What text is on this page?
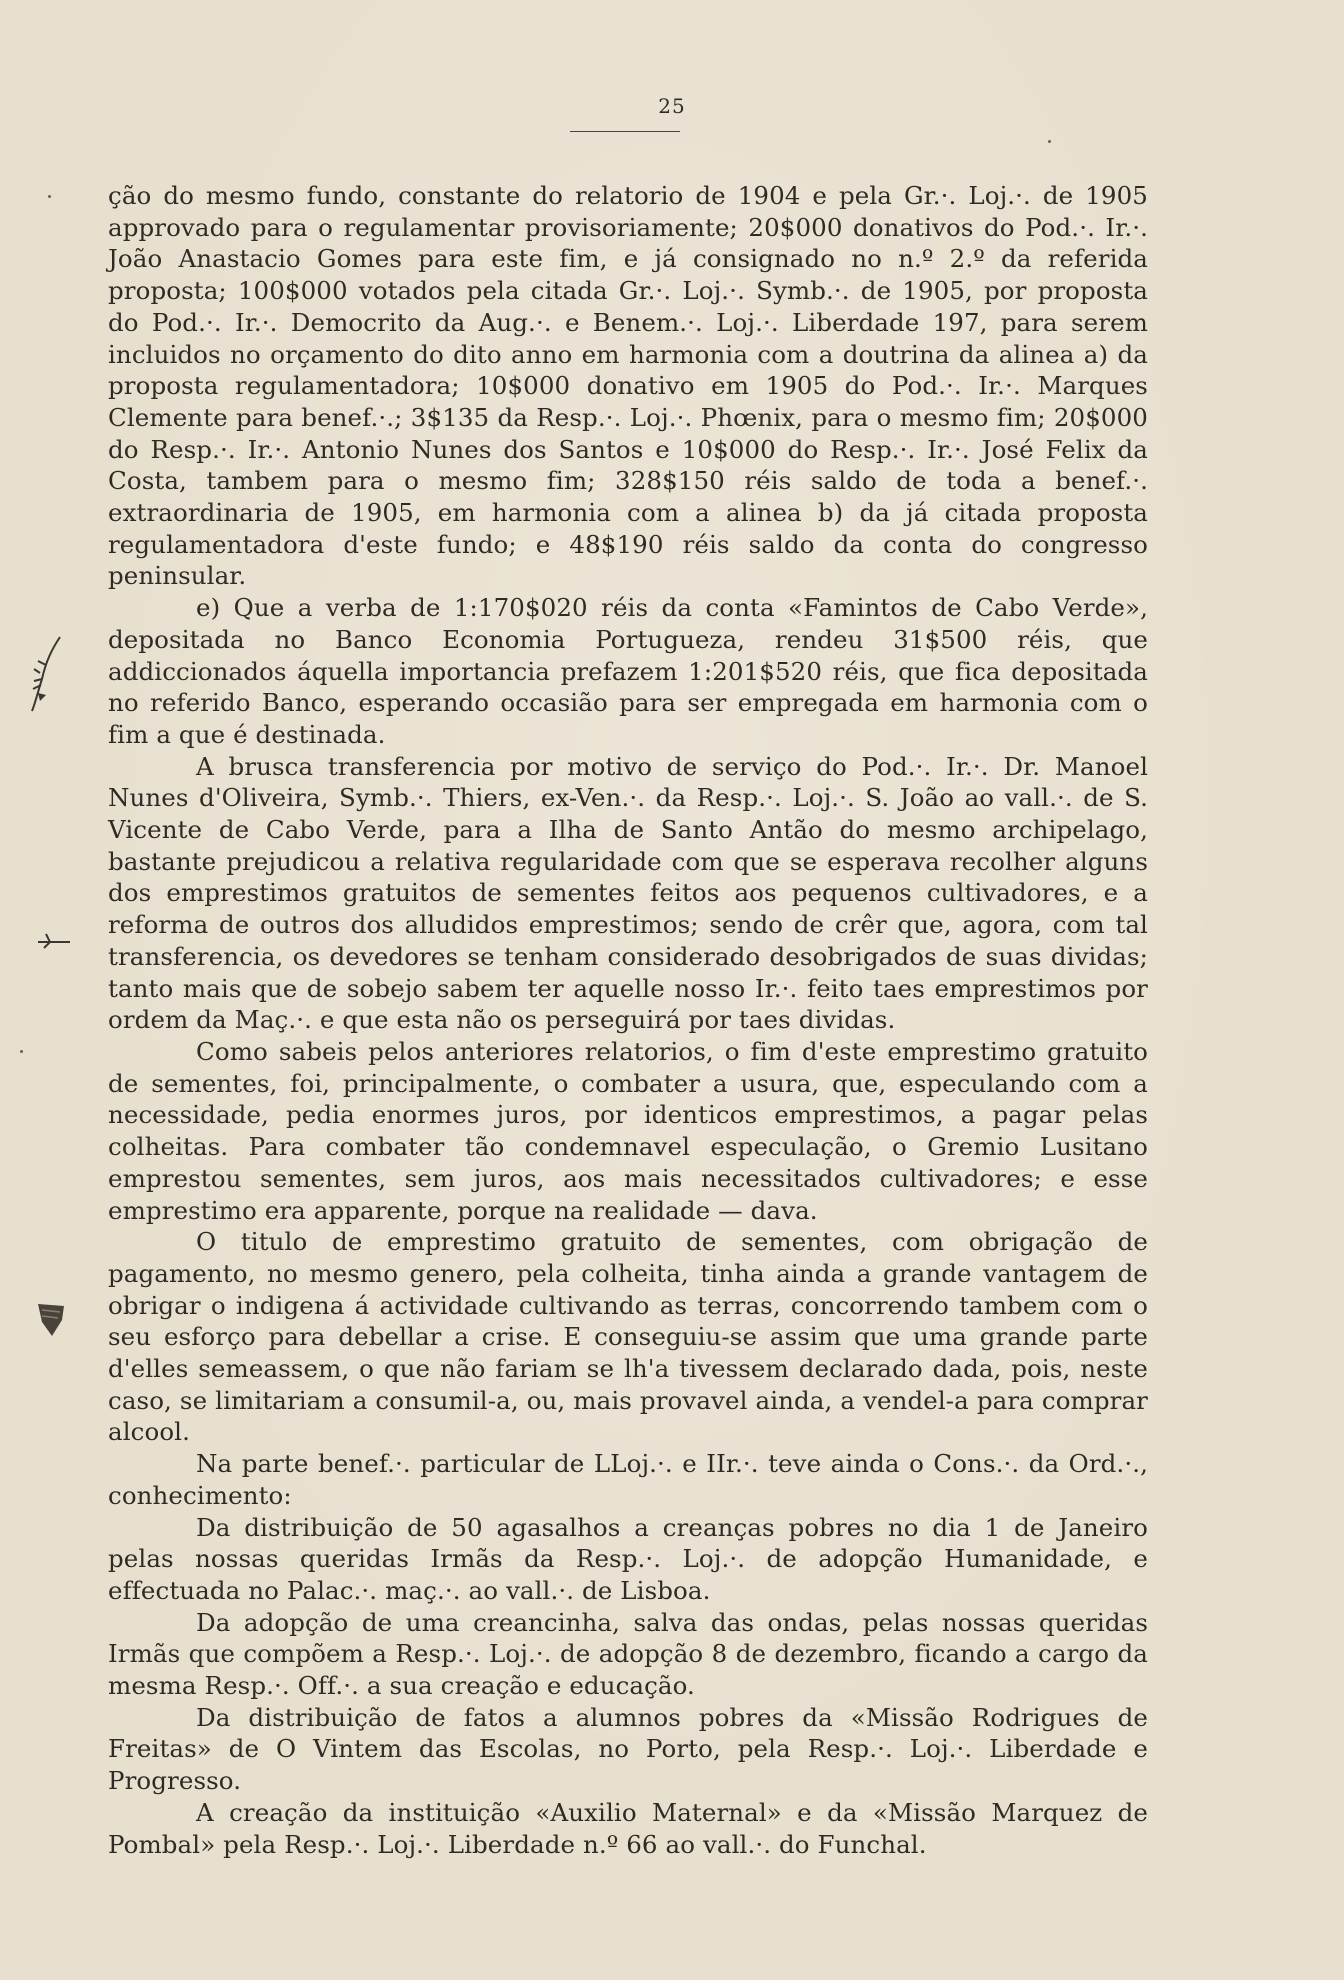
25

ção do mesmo fundo, constante do relatorio de 1904 e pela Gr.·. Loj.·. de 1905 approvado para o regulamentar provisoriamente; 20$000 donativos do Pod.·. Ir.·. João Anastacio Gomes para este fim, e já consignado no n.º 2.º da referida proposta; 100$000 votados pela citada Gr.·. Loj.·. Symb.·. de 1905, por proposta do Pod.·. Ir.·. Democrito da Aug.·. e Benem.·. Loj.·. Liberdade 197, para serem incluidos no orçamento do dito anno em harmonia com a doutrina da alinea a) da proposta regulamentadora; 10$000 donativo em 1905 do Pod.·. Ir.·. Marques Clemente para benef.·.; 3$135 da Resp.·. Loj.·. Phœnix, para o mesmo fim; 20$000 do Resp.·. Ir.·. Antonio Nunes dos Santos e 10$000 do Resp.·. Ir.·. José Felix da Costa, tambem para o mesmo fim; 328$150 réis saldo de toda a benef.·. extraordinaria de 1905, em harmonia com a alinea b) da já citada proposta regulamentadora d'este fundo; e 48$190 réis saldo da conta do congresso peninsular.

e) Que a verba de 1:170$020 réis da conta «Famintos de Cabo Verde», depositada no Banco Economia Portugueza, rendeu 31$500 réis, que addiccionados áquella importancia prefazem 1:201$520 réis, que fica depositada no referido Banco, esperando occasião para ser empregada em harmonia com o fim a que é destinada.

A brusca transferencia por motivo de serviço do Pod.·. Ir.·. Dr. Manoel Nunes d'Oliveira, Symb.·. Thiers, ex-Ven.·. da Resp.·. Loj.·. S. João ao vall.·. de S. Vicente de Cabo Verde, para a Ilha de Santo Antão do mesmo archipelago, bastante prejudicou a relativa regularidade com que se esperava recolher alguns dos emprestimos gratuitos de sementes feitos aos pequenos cultivadores, e a reforma de outros dos alludidos emprestimos; sendo de crêr que, agora, com tal transferencia, os devedores se tenham considerado desobrigados de suas dividas; tanto mais que de sobejo sabem ter aquelle nosso Ir.·. feito taes emprestimos por ordem da Maç.·. e que esta não os perseguirá por taes dividas.

Como sabeis pelos anteriores relatorios, o fim d'este emprestimo gratuito de sementes, foi, principalmente, o combater a usura, que, especulando com a necessidade, pedia enormes juros, por identicos emprestimos, a pagar pelas colheitas. Para combater tão condemnavel especulação, o Gremio Lusitano emprestou sementes, sem juros, aos mais necessitados cultivadores; e esse emprestimo era apparente, porque na realidade — dava.

O titulo de emprestimo gratuito de sementes, com obrigação de pagamento, no mesmo genero, pela colheita, tinha ainda a grande vantagem de obrigar o indigena á actividade cultivando as terras, concorrendo tambem com o seu esforço para debellar a crise. E conseguiu-se assim que uma grande parte d'elles semeassem, o que não fariam se lh'a tivessem declarado dada, pois, neste caso, se limitariam a consumil-a, ou, mais provavel ainda, a vendel-a para comprar alcool.

Na parte benef.·. particular de LLoj.·. e IIr.·. teve ainda o Cons.·. da Ord.·., conhecimento:

Da distribuição de 50 agasalhos a creanças pobres no dia 1 de Janeiro pelas nossas queridas Irmãs da Resp.·. Loj.·. de adopção Humanidade, e effectuada no Palac.·. maç.·. ao vall.·. de Lisboa.

Da adopção de uma creancinha, salva das ondas, pelas nossas queridas Irmãs que compõem a Resp.·. Loj.·. de adopção 8 de dezembro, ficando a cargo da mesma Resp.·. Off.·. a sua creação e educação.

Da distribuição de fatos a alumnos pobres da «Missão Rodrigues de Freitas» de O Vintem das Escolas, no Porto, pela Resp.·. Loj.·. Liberdade e Progresso.

A creação da instituição «Auxilio Maternal» e da «Missão Marquez de Pombal» pela Resp.·. Loj.·. Liberdade n.º 66 ao vall.·. do Funchal.
